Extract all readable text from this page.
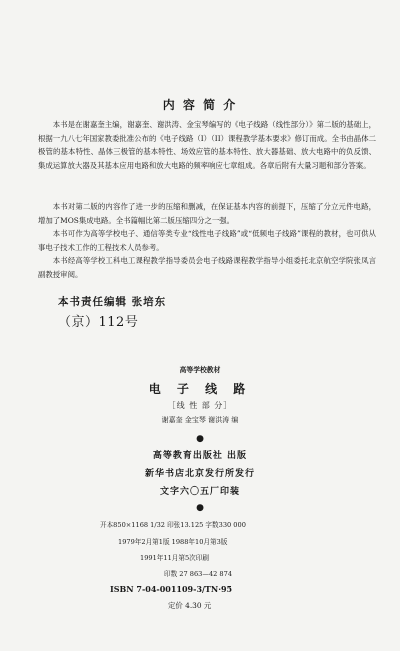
内 容 简 介

本书是在谢嘉奎主编，谢嘉奎、谢洪涛、金宝琴编写的《电子线路（线性部分）》第二版的基础上，根据一九八七年国家教委批准公布的《电子线路（I）（II）课程教学基本要求》修订而成。全书由晶体二极管的基本特性、晶体三极管的基本特性、场效应管的基本特性、放大器基础、放大电路中的负反馈、集成运算放大器及其基本应用电路和放大电路的频率响应七章组成。各章后附有大量习题和部分答案。

本书对第二版的内容作了进一步的压缩和删减，在保证基本内容的前提下，压缩了分立元件电路，增加了MOS集成电路。全书篇幅比第二版压缩四分之一强。

本书可作为高等学校电子、通信等类专业“线性电子线路”或“低频电子线路”课程的教材，也可供从事电子技术工作的工程技术人员参考。

本书经高等学校工科电工课程教学指导委员会电子线路课程教学指导小组委托北京航空学院张凤言副教授审阅。

本书责任编辑 张培东
（京）112号
高等学校教材
电 子 线 路
［线 性 部 分］
谢嘉奎 金宝琴 谢洪涛 编
●
高等教育出版社 出版
新华书店北京发行所发行
文字六〇五厂印装
●
开本850×1168 1/32 印张13.125 字数330 000
1979年2月第1版 1988年10月第3版
1991年11月第5次印刷
印数 27 863—42 874
ISBN 7-04-001109-3/TN·95
定价 4.30 元
